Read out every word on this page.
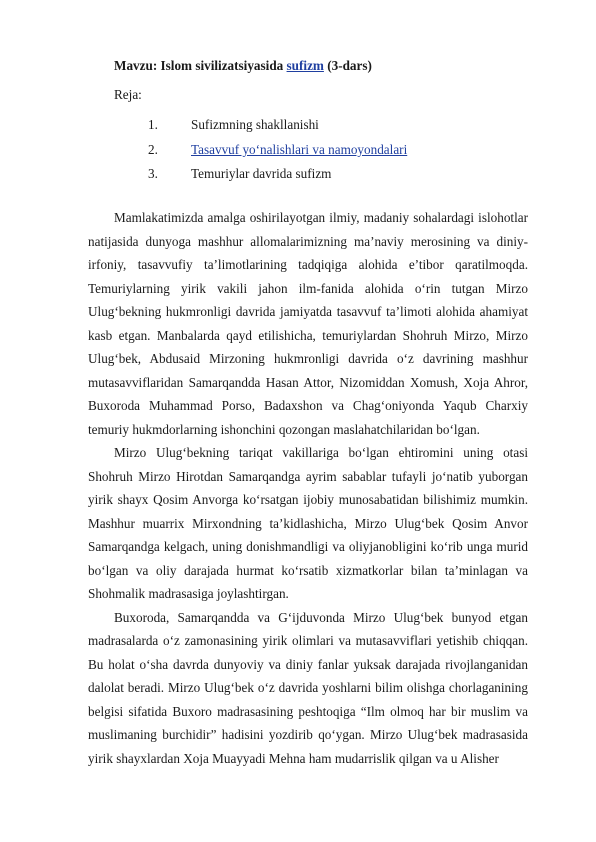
Mavzu: Islom sivilizatsiyasida sufizm (3-dars)
Reja:
1.	Sufizmning shakllanishi
2.	Tasavvuf yo‘nalishlari va namoyondalari
3.	Temuriylar davrida sufizm

Mamlakatimizda amalga oshirilayotgan ilmiy, madaniy sohalardagi islohotlar natijasida dunyoga mashhur allomalarimizning ma’naviy merosining va diniy-irfoniy, tasavvufiy ta’limotlarining tadqiqiga alohida e’tibor qaratilmoqda. Temuriylarning yirik vakili jahon ilm-fanida alohida o‘rin tutgan Mirzo Ulug‘bekning hukmronligi davrida jamiyatda tasavvuf ta’limoti alohida ahamiyat kasb etgan. Manbalarda qayd etilishicha, temuriylardan Shohruh Mirzo, Mirzo Ulug‘bek, Abdusaid Mirzoning hukmronligi davrida o‘z davrining mashhur mutasavviflaridan Samarqandda Hasan Attor, Nizomiddan Xomush, Xoja Ahror, Buxoroda Muhammad Porso, Badaxshon va Chag‘oniyonda Yaqub Charxiy temuriy hukmdorlarning ishonchini qozongan maslahatchilaridan bo‘lgan.

Mirzo Ulug‘bekning tariqat vakillariga bo‘lgan ehtiromini uning otasi Shohruh Mirzo Hirotdan Samarqandga ayrim sabablar tufayli jo‘natib yuborgan yirik shayx Qosim Anvorga ko‘rsatgan ijobiy munosabatidan bilishimiz mumkin. Mashhur muarrix Mirxondning ta’kidlashicha, Mirzo Ulug‘bek Qosim Anvor Samarqandga kelgach, uning donishmandligi va oliyjanobligini ko‘rib unga murid bo‘lgan va oliy darajada hurmat ko‘rsatib xizmatkorlar bilan ta’minlagan va Shohmalik madrasasiga joylashtirgan.

Buxoroda, Samarqandda va G‘ijduvonda Mirzo Ulug‘bek bunyod etgan madrasalarda o‘z zamonasining yirik olimlari va mutasavviflari yetishib chiqqan. Bu holat o‘sha davrda dunyoviy va diniy fanlar yuksak darajada rivojlanganidan dalolat beradi. Mirzo Ulug‘bek o‘z davrida yoshlarni bilim olishga chorlaganining belgisi sifatida Buxoro madrasasining peshtoqiga “Ilm olmoq har bir muslim va muslimaning burchidir” hadisini yozdirib qo‘ygan. Mirzo Ulug‘bek madrasasida yirik shayxlardan Xoja Muayyadi Mehna ham mudarrislik qilgan va u Alisher
